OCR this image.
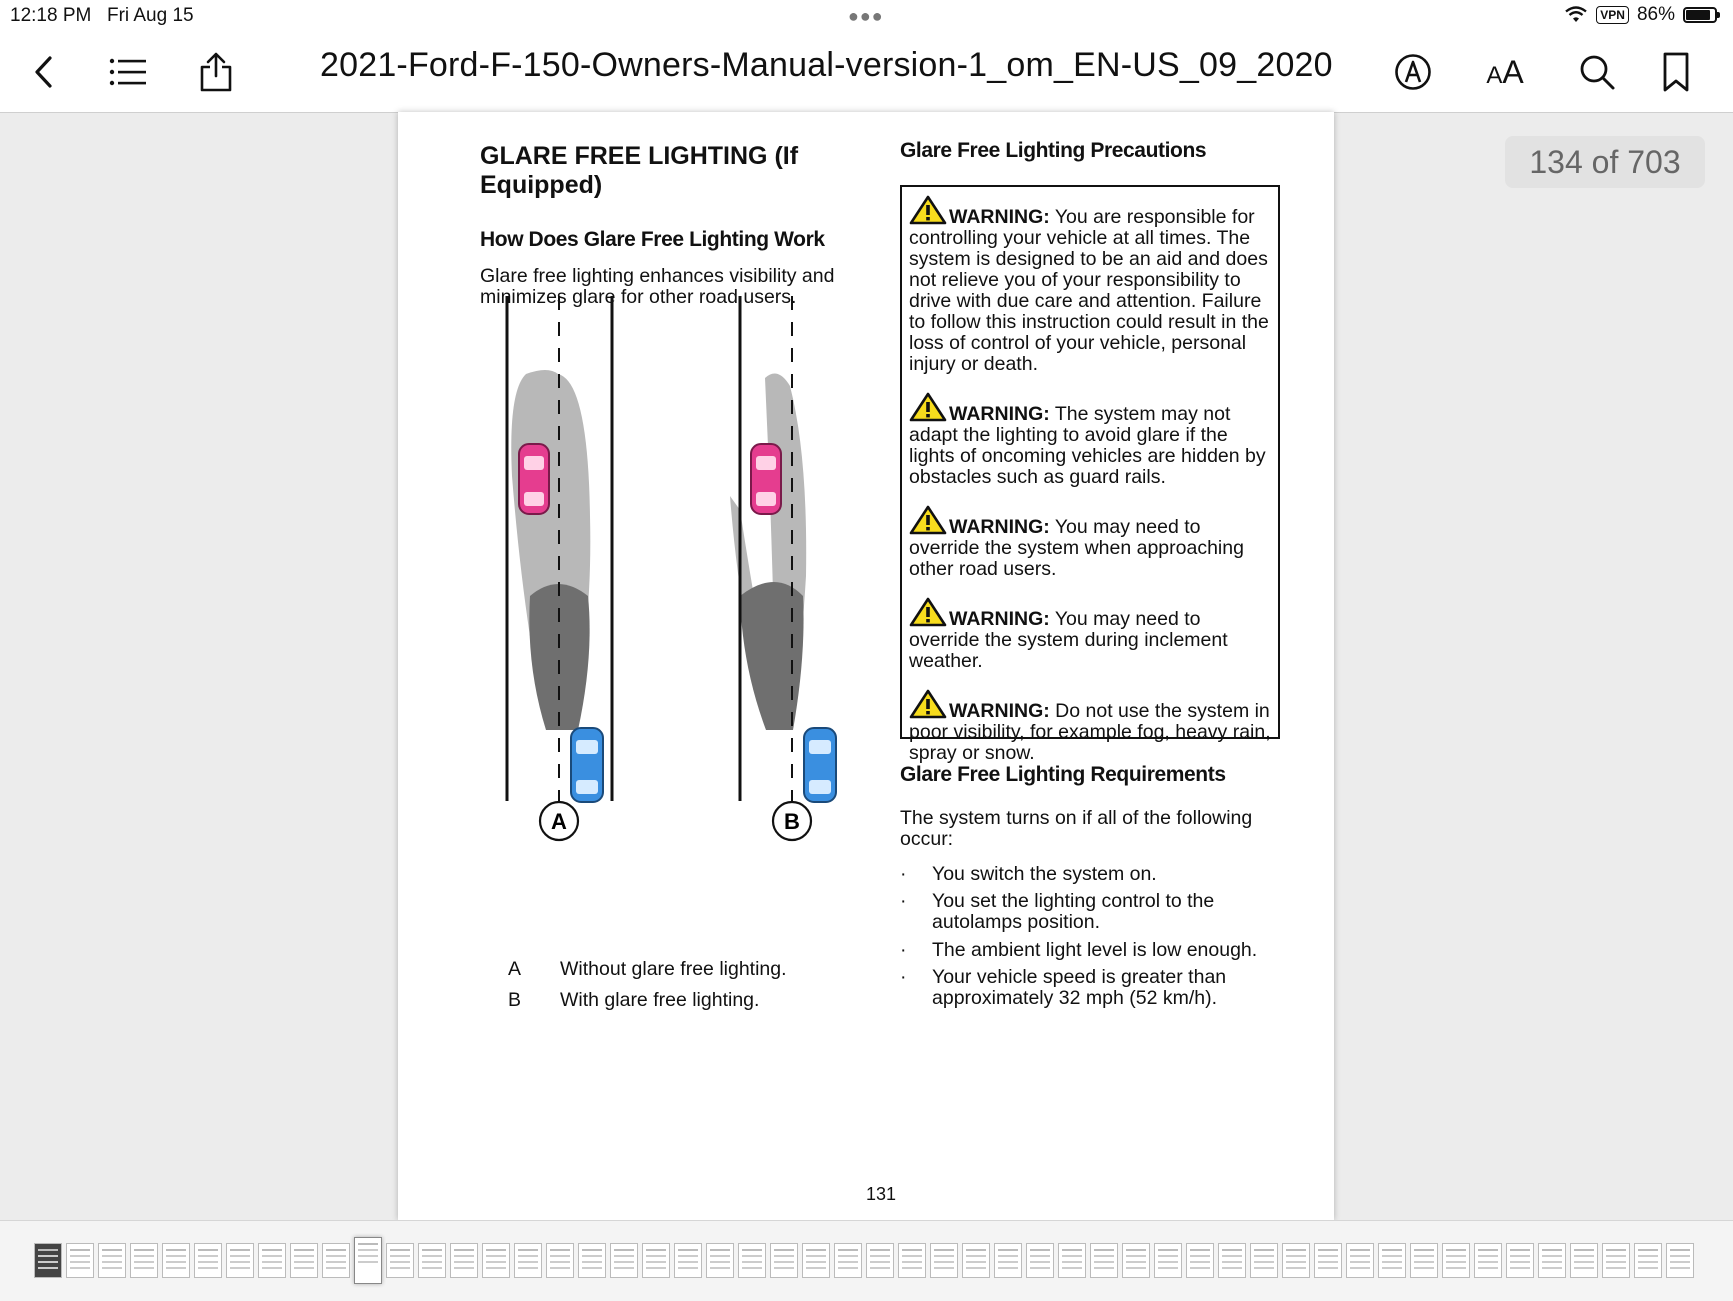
12:18 PM Fri Aug 15	●●●	VPN 86%
2021-Ford-F-150-Owners-Manual-version-1_om_EN-US_09_2020	AA
GLARE FREE LIGHTING (If Equipped)
How Does Glare Free Lighting Work
Glare free lighting enhances visibility and minimizes glare for other road users.
A	B
A	Without glare free lighting.
B	With glare free lighting.
Glare Free Lighting Precautions
WARNING: You are responsible for controlling your vehicle at all times. The system is designed to be an aid and does not relieve you of your responsibility to drive with due care and attention. Failure to follow this instruction could result in the loss of control of your vehicle, personal injury or death.
WARNING: The system may not adapt the lighting to avoid glare if the lights of oncoming vehicles are hidden by obstacles such as guard rails.
WARNING: You may need to override the system when approaching other road users.
WARNING: You may need to override the system during inclement weather.
WARNING: Do not use the system in poor visibility, for example fog, heavy rain, spray or snow.
Glare Free Lighting Requirements
The system turns on if all of the following occur:
· You switch the system on.
· You set the lighting control to the autolamps position.
· The ambient light level is low enough.
· Your vehicle speed is greater than approximately 32 mph (52 km/h).
131
134 of 703
